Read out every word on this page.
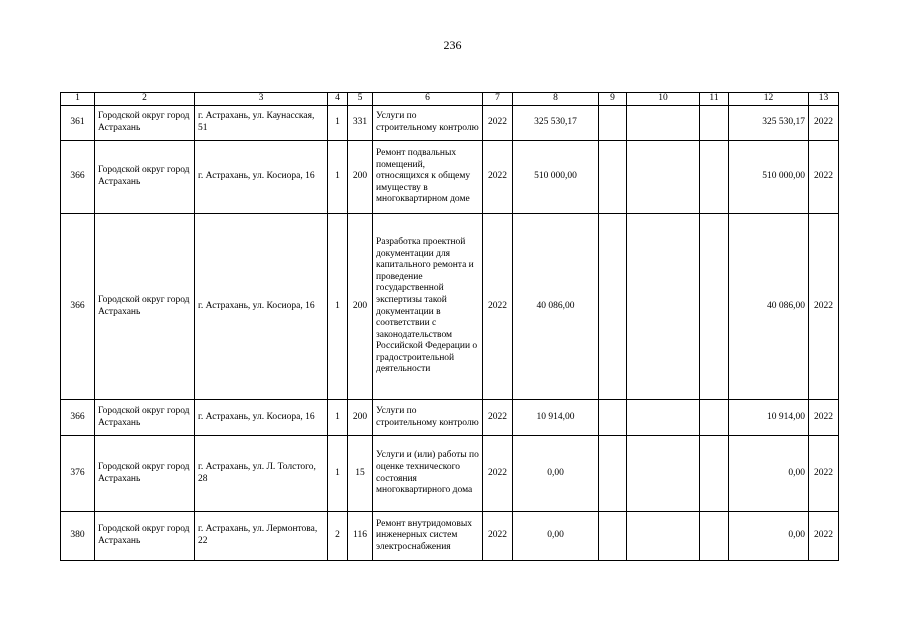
236
1	2	3	4	5	6	7	8	9	10	11	12	13
361	Городской округ город Астрахань	г. Астрахань, ул. Каунасская, 51	1	331	Услуги по строительному контролю	2022	325 530,17				325 530,17	2022
366	Городской округ город Астрахань	г. Астрахань, ул. Косиора, 16	1	200	Ремонт подвальных помещений, относящихся к общему имуществу в многоквартирном доме	2022	510 000,00				510 000,00	2022
366	Городской округ город Астрахань	г. Астрахань, ул. Косиора, 16	1	200	Разработка проектной документации для капитального ремонта и проведение государственной экспертизы такой документации в соответствии с законодательством Российской Федерации о градостроительной деятельности	2022	40 086,00				40 086,00	2022
366	Городской округ город Астрахань	г. Астрахань, ул. Косиора, 16	1	200	Услуги по строительному контролю	2022	10 914,00				10 914,00	2022
376	Городской округ город Астрахань	г. Астрахань, ул. Л. Толстого, 28	1	15	Услуги и (или) работы по оценке технического состояния многоквартирного дома	2022	0,00				0,00	2022
380	Городской округ город Астрахань	г. Астрахань, ул. Лермонтова, 22	2	116	Ремонт внутридомовых инженерных систем электроснабжения	2022	0,00				0,00	2022
